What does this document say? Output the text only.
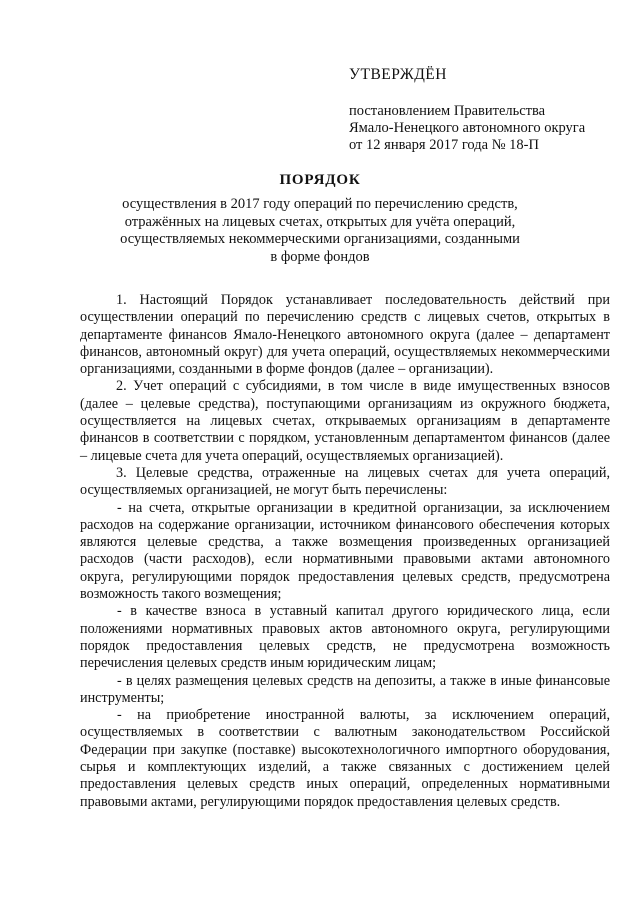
УТВЕРЖДЁН
постановлением Правительства
Ямало-Ненецкого автономного округа
от 12 января 2017 года № 18-П
ПОРЯДОК
осуществления в 2017 году операций по перечислению средств,
отражённых на лицевых счетах, открытых для учёта операций,
осуществляемых некоммерческими организациями, созданными
в форме фондов

1. Настоящий Порядок устанавливает последовательность действий при осуществлении операций по перечислению средств с лицевых счетов, открытых в департаменте финансов Ямало-Ненецкого автономного округа (далее – департамент финансов, автономный округ) для учета операций, осуществляемых некоммерческими организациями, созданными в форме фондов (далее – организации).

2. Учет операций с субсидиями, в том числе в виде имущественных взносов (далее – целевые средства), поступающими организациям из окружного бюджета, осуществляется на лицевых счетах, открываемых организациям в департаменте финансов в соответствии с порядком, установленным департаментом финансов (далее – лицевые счета для учета операций, осуществляемых организацией).

3. Целевые средства, отраженные на лицевых счетах для учета операций, осуществляемых организацией, не могут быть перечислены:

- на счета, открытые организации в кредитной организации, за исключением расходов на содержание организации, источником финансового обеспечения которых являются целевые средства, а также возмещения произведенных организацией расходов (части расходов), если нормативными правовыми актами автономного округа, регулирующими порядок предоставления целевых средств, предусмотрена возможность такого возмещения;

- в качестве взноса в уставный капитал другого юридического лица, если положениями нормативных правовых актов автономного округа, регулирующими порядок предоставления целевых средств, не предусмотрена возможность перечисления целевых средств иным юридическим лицам;

- в целях размещения целевых средств на депозиты, а также в иные финансовые инструменты;

- на приобретение иностранной валюты, за исключением операций, осуществляемых в соответствии с валютным законодательством Российской Федерации при закупке (поставке) высокотехнологичного импортного оборудования, сырья и комплектующих изделий, а также связанных с достижением целей предоставления целевых средств иных операций, определенных нормативными правовыми актами, регулирующими порядок предоставления целевых средств.
